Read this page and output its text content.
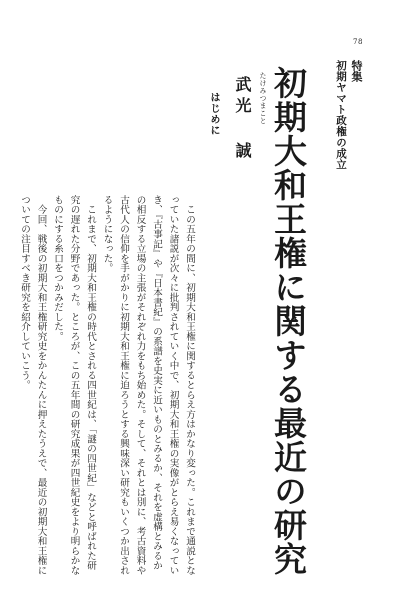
78
特集
初期ヤマト政権の成立
初期大和王権に関する最近の研究
たけみつまこと
武光 誠
はじめに
　この五年の間に、初期大和王権に関するとらえ方はかなり変った。これまで通説となっていた諸説が次々に批判されていく中で、初期大和王権の実像がとらえ易くなっていき、『古事記』や『日本書紀』の系譜を史実に近いものとみるか、それを虚構とみるかの相反する立場の主張がそれぞれ力をもち始めた。そして、それとは別に、考古資料や古代人の信仰を手がかりに初期大和王権に迫ろうとする興味深い研究もいくつか出されるようになった。
　これまで、初期大和王権の時代とされる四世紀は、「謎の四世紀」などと呼ばれた研究の遅れた分野であった。ところが、この五年間の研究成果が四世紀史をより明らかなものにする糸口をつかみだした。
　今回、戦後の初期大和王権研究史をかんたんに押えたうえで、最近の初期大和王権についての注目すべき研究を紹介していこう。
